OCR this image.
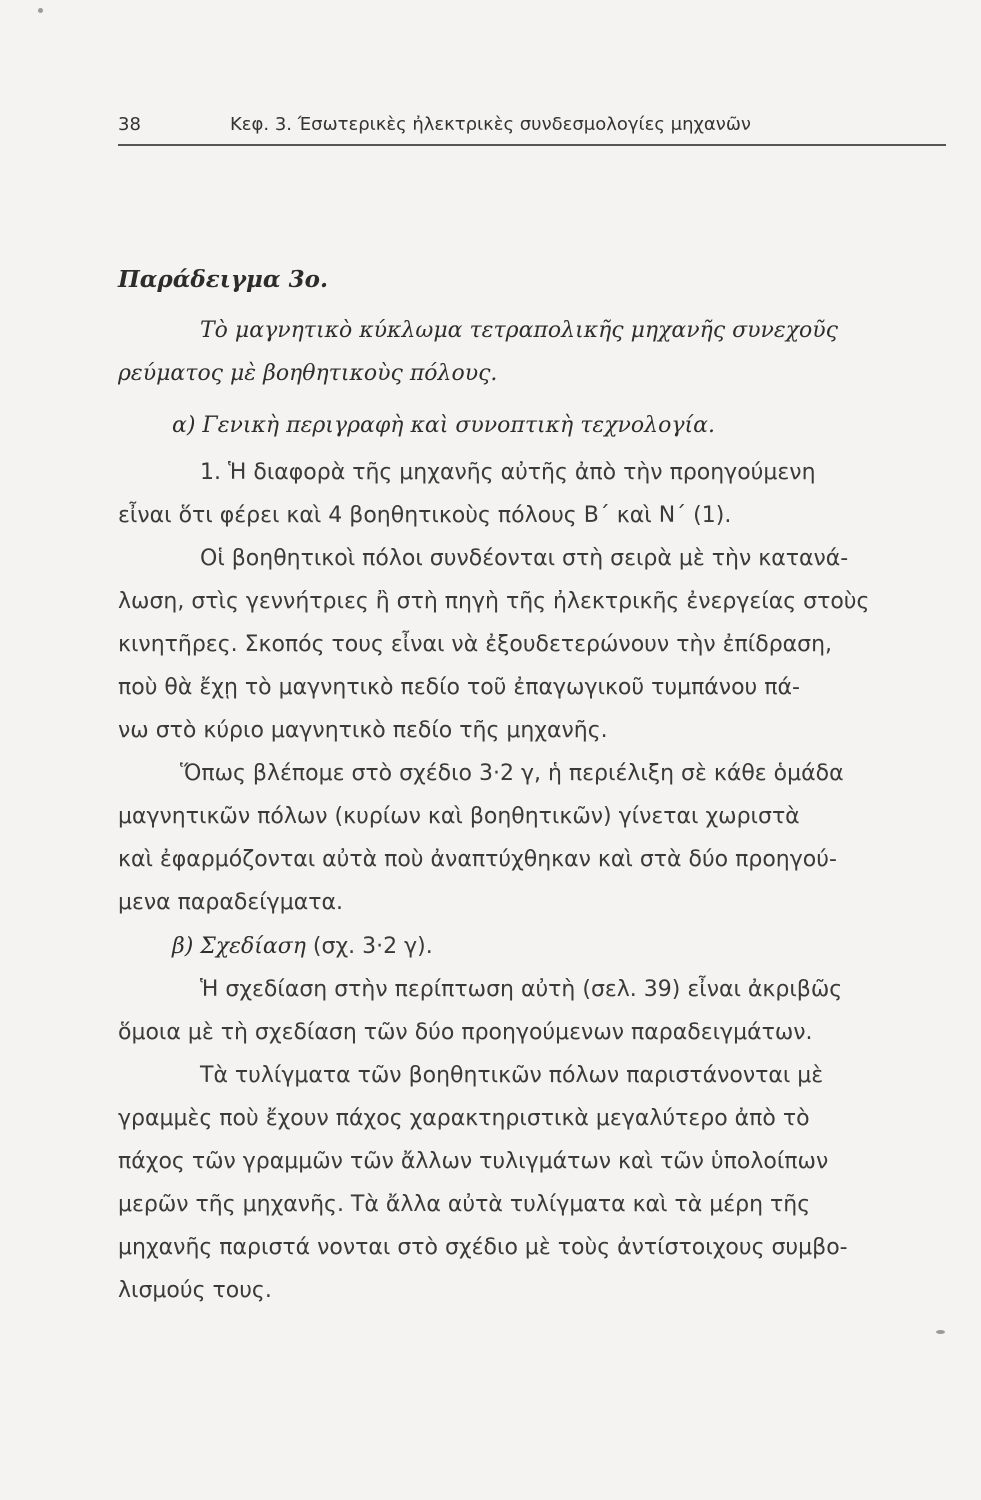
38	Κεφ. 3. Έσωτερικὲς ἠλεκτρικὲς συνδεσμολογίες μηχανῶν
Παράδειγμα 3ο.
Τὸ μαγνητικὸ κύκλωμα τετραπολικῆς μηχανῆς συνεχοῦς
ρεύματος μὲ βοηθητικοὺς πόλους.
α) Γενικὴ περιγραφὴ καὶ συνοπτικὴ τεχνολογία.
1. Ἡ διαφορὰ τῆς μηχανῆς αὐτῆς ἀπὸ τὴν προηγούμενη
εἶναι ὅτι φέρει καὶ 4 βοηθητικοὺς πόλους Β΄ καὶ Ν΄ (1).
Οἱ βοηθητικοὶ πόλοι συνδέονται στὴ σειρὰ μὲ τὴν κατανά-
λωση, στὶς γεννήτριες ἢ στὴ πηγὴ τῆς ἠλεκτρικῆς ἐνεργείας στοὺς
κινητῆρες. Σκοπός τους εἶναι νὰ ἐξουδετερώνουν τὴν ἐπίδραση,
ποὺ θὰ ἔχῃ τὸ μαγνητικὸ πεδίο τοῦ ἐπαγωγικοῦ τυμπάνου πά-
νω στὸ κύριο μαγνητικὸ πεδίο τῆς μηχανῆς.
Ὅπως βλέπομε στὸ σχέδιο 3·2 γ, ἡ περιέλιξη σὲ κάθε ὁμάδα
μαγνητικῶν πόλων (κυρίων καὶ βοηθητικῶν) γίνεται χωριστὰ
καὶ ἐφαρμόζονται αὐτὰ ποὺ ἀναπτύχθηκαν καὶ στὰ δύο προηγού-
μενα παραδείγματα.
β) Σχεδίαση (σχ. 3·2 γ).
Ἡ σχεδίαση στὴν περίπτωση αὐτὴ (σελ. 39) εἶναι ἀκριβῶς
ὅμοια μὲ τὴ σχεδίαση τῶν δύο προηγούμενων παραδειγμάτων.
Τὰ τυλίγματα τῶν βοηθητικῶν πόλων παριστάνονται μὲ
γραμμὲς ποὺ ἔχουν πάχος χαρακτηριστικὰ μεγαλύτερο ἀπὸ τὸ
πάχος τῶν γραμμῶν τῶν ἄλλων τυλιγμάτων καὶ τῶν ὑπολοίπων
μερῶν τῆς μηχανῆς. Τὰ ἄλλα αὐτὰ τυλίγματα καὶ τὰ μέρη τῆς
μηχανῆς παριστά νονται στὸ σχέδιο μὲ τοὺς ἀντίστοιχους συμβο-
λισμούς τους.
